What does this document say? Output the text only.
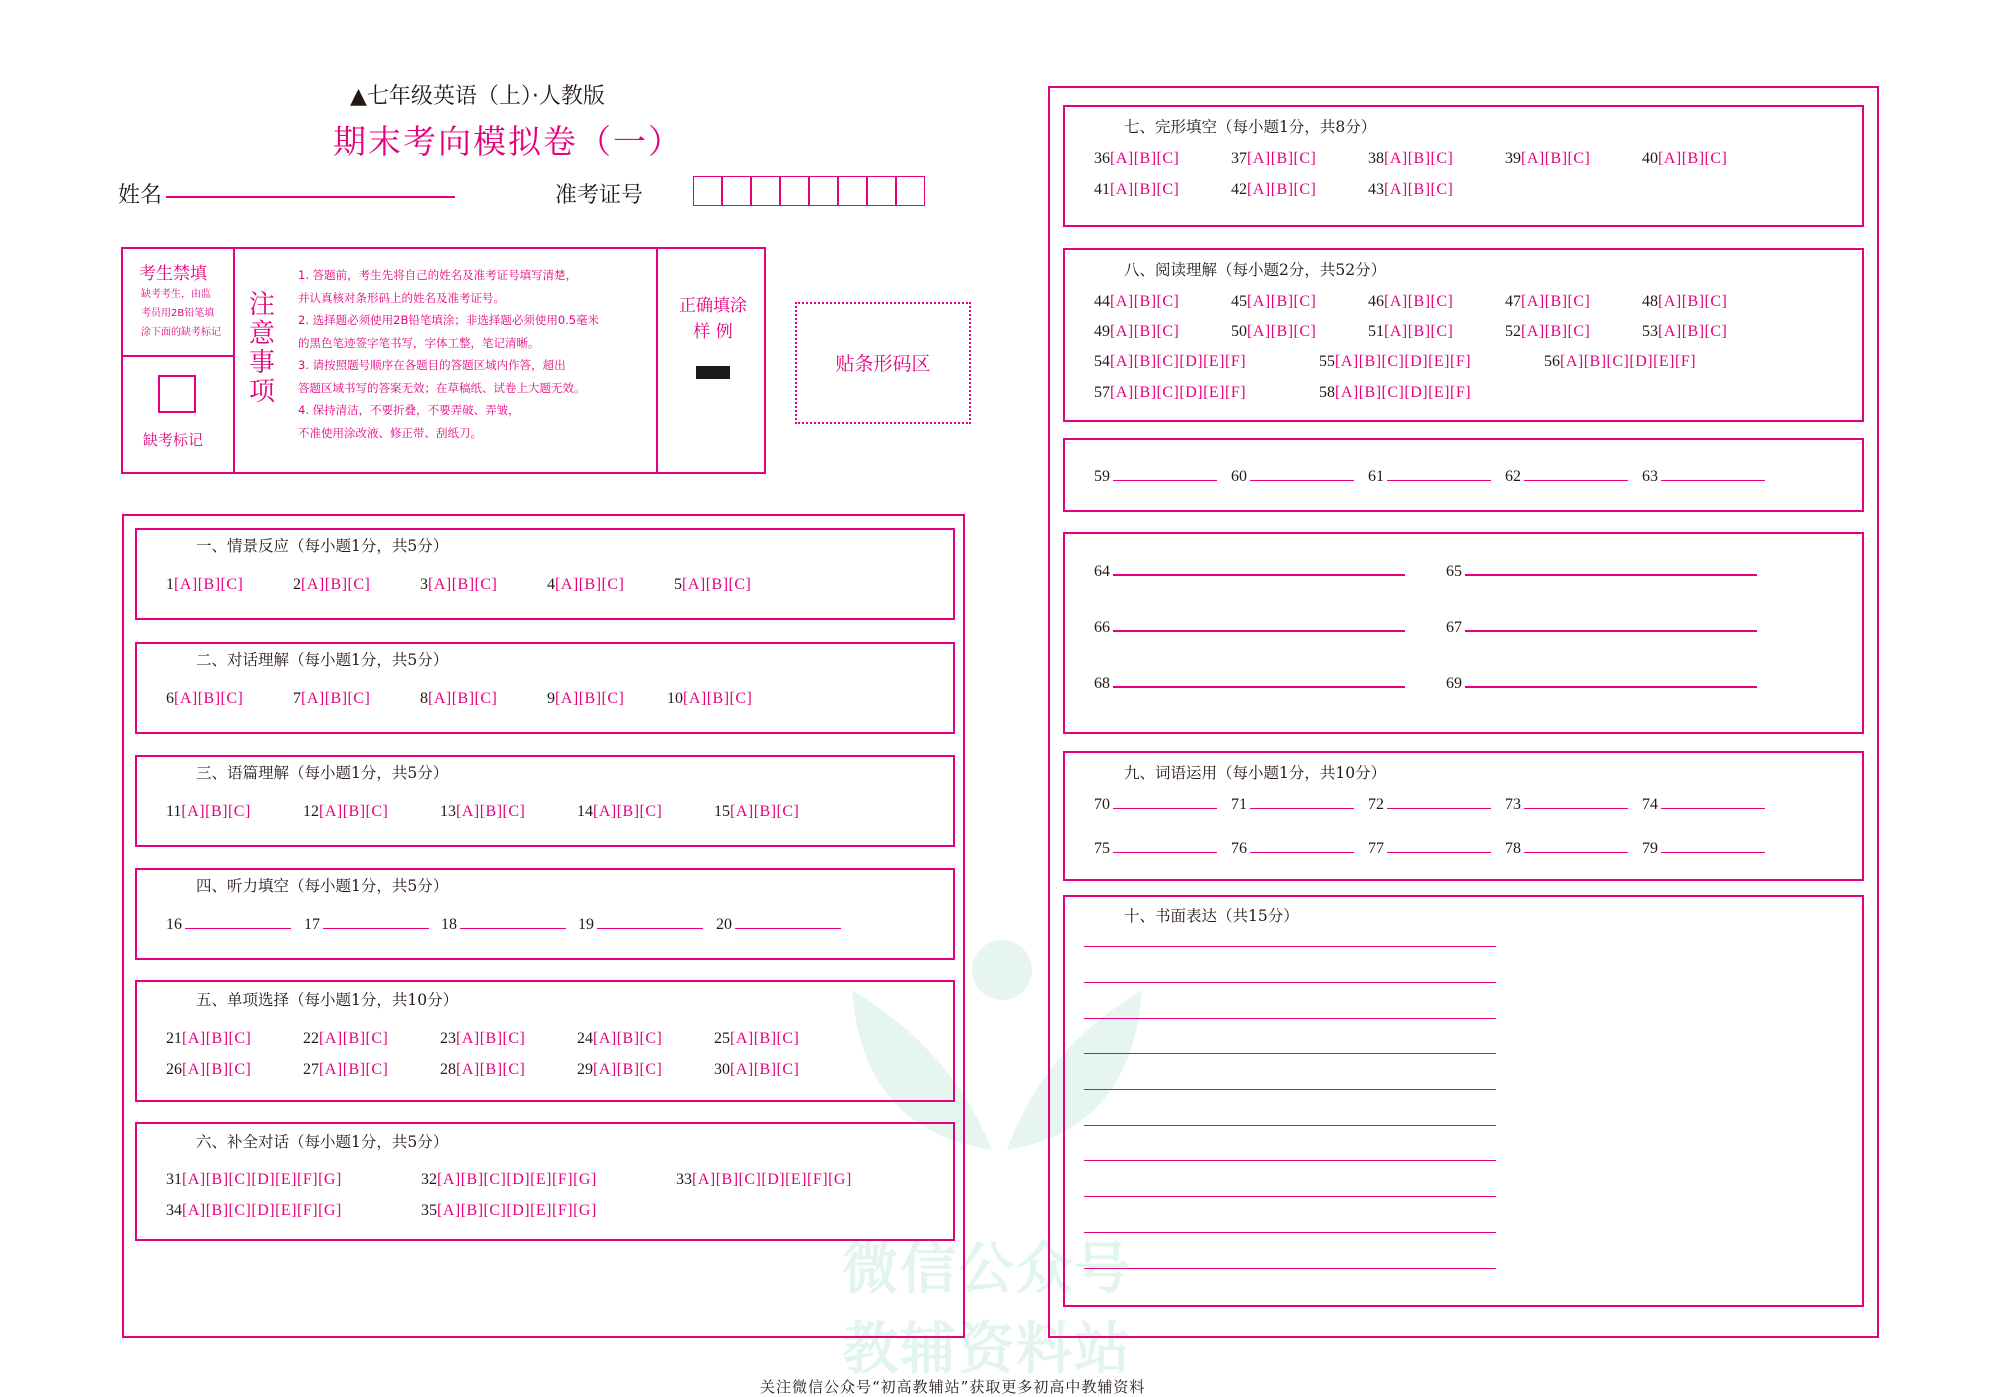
▲七年级英语（上）·人教版
期末考向模拟卷（一）
姓名	准考证号
考生禁填
缺考考生，由监
考员用2B铅笔填
涂下面的缺考标记
缺考标记
注
意
事
项
1. 答题前，考生先将自己的姓名及准考证号填写清楚，
并认真核对条形码上的姓名及准考证号。
2. 选择题必须使用2B铅笔填涂；非选择题必须使用0.5毫米
的黑色笔迹签字笔书写，字体工整，笔记清晰。
3. 请按照题号顺序在各题目的答题区域内作答，超出
答题区域书写的答案无效；在草稿纸、试卷上大题无效。
4. 保持清洁，不要折叠，不要弄破、弄皱，
不准使用涂改液、修正带、刮纸刀。
正确填涂
样 例
贴条形码区
微信公众号
教辅资料站
一、情景反应（每小题1分，共5分）
1[A][B][C]	2[A][B][C]	3[A][B][C]	4[A][B][C]	5[A][B][C]
二、对话理解（每小题1分，共5分）
6[A][B][C]	7[A][B][C]	8[A][B][C]	9[A][B][C]	10[A][B][C]
三、语篇理解（每小题1分，共5分）
11[A][B][C]	12[A][B][C]	13[A][B][C]	14[A][B][C]	15[A][B][C]
四、听力填空（每小题1分，共5分）
16	17	18	19	20
五、单项选择（每小题1分，共10分）
21[A][B][C]	22[A][B][C]	23[A][B][C]	24[A][B][C]	25[A][B][C]
26[A][B][C]	27[A][B][C]	28[A][B][C]	29[A][B][C]	30[A][B][C]
六、补全对话（每小题1分，共5分）
31[A][B][C][D][E][F][G]	32[A][B][C][D][E][F][G]	33[A][B][C][D][E][F][G]
34[A][B][C][D][E][F][G]	35[A][B][C][D][E][F][G]
七、完形填空（每小题1分，共8分）
36[A][B][C]	37[A][B][C]	38[A][B][C]	39[A][B][C]	40[A][B][C]
41[A][B][C]	42[A][B][C]	43[A][B][C]
八、阅读理解（每小题2分，共52分）
44[A][B][C]	45[A][B][C]	46[A][B][C]	47[A][B][C]	48[A][B][C]
49[A][B][C]	50[A][B][C]	51[A][B][C]	52[A][B][C]	53[A][B][C]
54[A][B][C][D][E][F]	55[A][B][C][D][E][F]	56[A][B][C][D][E][F]
57[A][B][C][D][E][F]	58[A][B][C][D][E][F]
59	60	61	62	63
64	65
66	67
68	69
九、词语运用（每小题1分，共10分）
70	71	72	73	74
75	76	77	78	79
十、书面表达（共15分）
关注微信公众号“初高教辅站”获取更多初高中教辅资料
